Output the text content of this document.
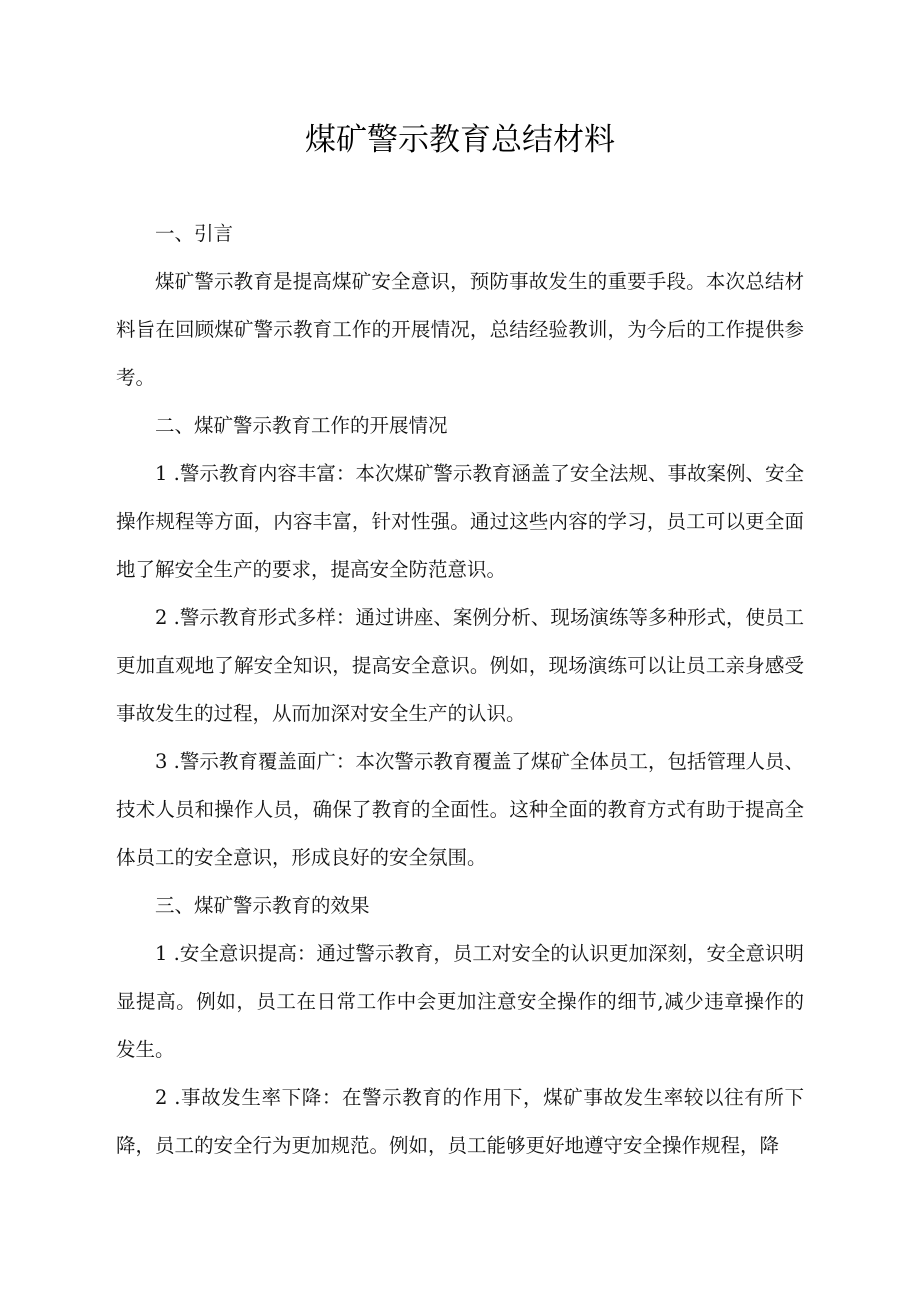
煤矿警示教育总结材料

一、引言

煤矿警示教育是提高煤矿安全意识，预防事故发生的重要手段。本次总结材料旨在回顾煤矿警示教育工作的开展情况，总结经验教训，为今后的工作提供参考。

二、煤矿警示教育工作的开展情况

1 .警示教育内容丰富：本次煤矿警示教育涵盖了安全法规、事故案例、安全操作规程等方面，内容丰富，针对性强。通过这些内容的学习，员工可以更全面地了解安全生产的要求，提高安全防范意识。

2 .警示教育形式多样：通过讲座、案例分析、现场演练等多种形式，使员工更加直观地了解安全知识，提高安全意识。例如，现场演练可以让员工亲身感受事故发生的过程，从而加深对安全生产的认识。

3 .警示教育覆盖面广：本次警示教育覆盖了煤矿全体员工，包括管理人员、技术人员和操作人员，确保了教育的全面性。这种全面的教育方式有助于提高全体员工的安全意识，形成良好的安全氛围。

三、煤矿警示教育的效果

1 .安全意识提高：通过警示教育，员工对安全的认识更加深刻，安全意识明显提高。例如，员工在日常工作中会更加注意安全操作的细节,减少违章操作的发生。

2 .事故发生率下降：在警示教育的作用下，煤矿事故发生率较以往有所下降，员工的安全行为更加规范。例如，员工能够更好地遵守安全操作规程，降
